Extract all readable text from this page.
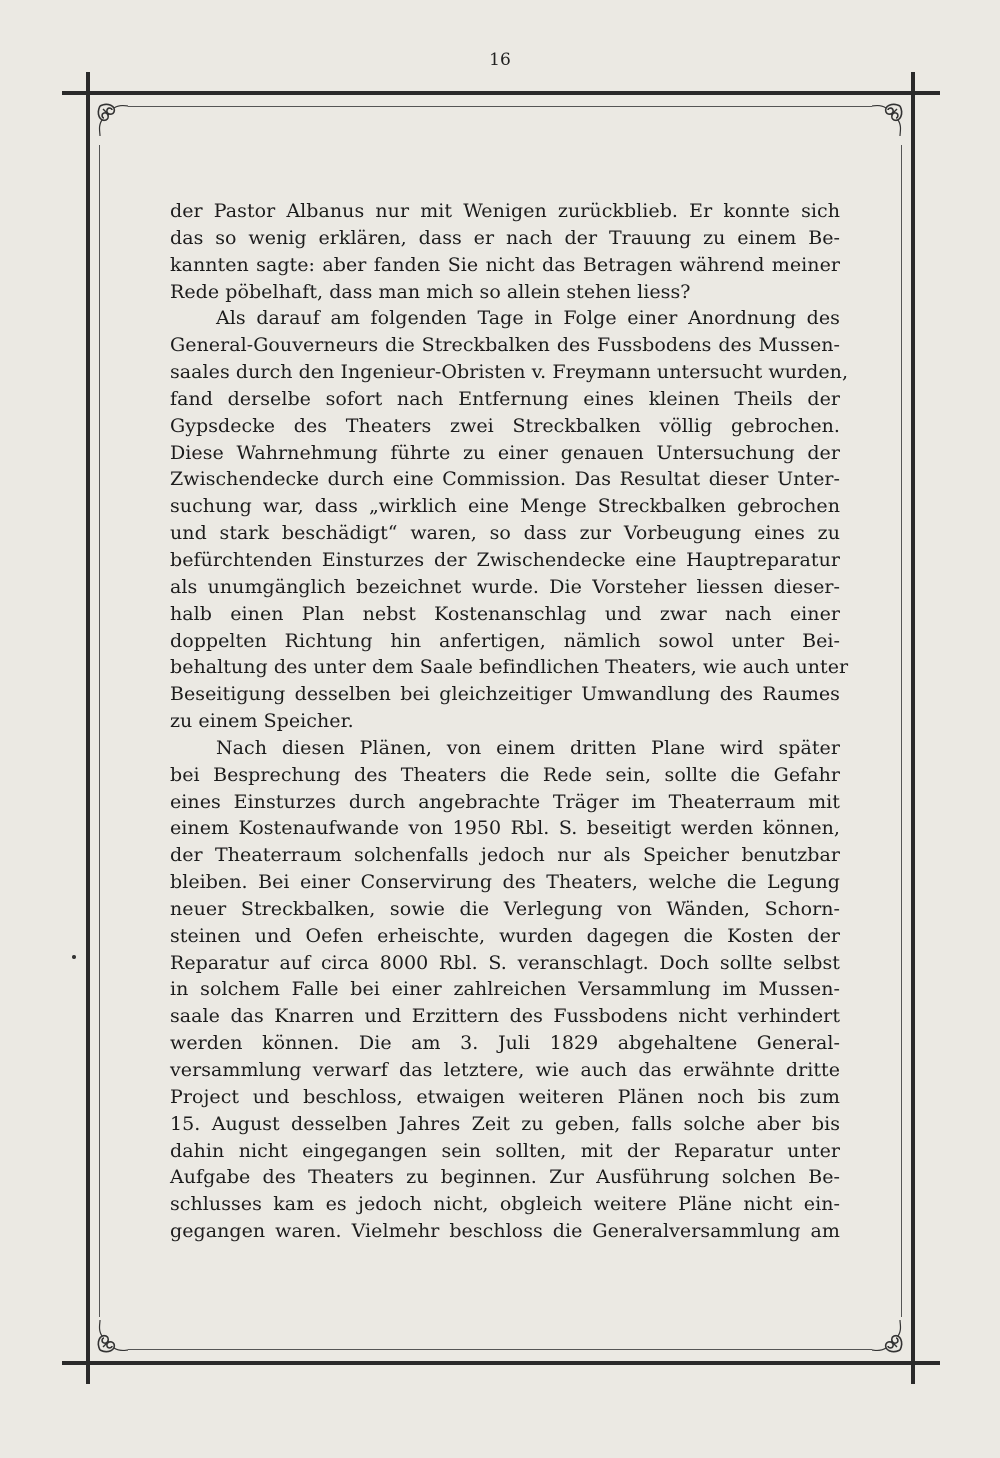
16
der Pastor Albanus nur mit Wenigen zurückblieb. Er konnte sich
das so wenig erklären, dass er nach der Trauung zu einem Be-
kannten sagte: aber fanden Sie nicht das Betragen während meiner
Rede pöbelhaft, dass man mich so allein stehen liess?
Als darauf am folgenden Tage in Folge einer Anordnung des
General-Gouverneurs die Streckbalken des Fussbodens des Mussen-
saales durch den Ingenieur-Obristen v. Freymann untersucht wurden,
fand derselbe sofort nach Entfernung eines kleinen Theils der
Gypsdecke des Theaters zwei Streckbalken völlig gebrochen.
Diese Wahrnehmung führte zu einer genauen Untersuchung der
Zwischendecke durch eine Commission. Das Resultat dieser Unter-
suchung war, dass „wirklich eine Menge Streckbalken gebrochen
und stark beschädigt“ waren, so dass zur Vorbeugung eines zu
befürchtenden Einsturzes der Zwischendecke eine Hauptreparatur
als unumgänglich bezeichnet wurde. Die Vorsteher liessen dieser-
halb einen Plan nebst Kostenanschlag und zwar nach einer
doppelten Richtung hin anfertigen, nämlich sowol unter Bei-
behaltung des unter dem Saale befindlichen Theaters, wie auch unter
Beseitigung desselben bei gleichzeitiger Umwandlung des Raumes
zu einem Speicher.
Nach diesen Plänen, von einem dritten Plane wird später
bei Besprechung des Theaters die Rede sein, sollte die Gefahr
eines Einsturzes durch angebrachte Träger im Theaterraum mit
einem Kostenaufwande von 1950 Rbl. S. beseitigt werden können,
der Theaterraum solchenfalls jedoch nur als Speicher benutzbar
bleiben. Bei einer Conservirung des Theaters, welche die Legung
neuer Streckbalken, sowie die Verlegung von Wänden, Schorn-
steinen und Oefen erheischte, wurden dagegen die Kosten der
Reparatur auf circa 8000 Rbl. S. veranschlagt. Doch sollte selbst
in solchem Falle bei einer zahlreichen Versammlung im Mussen-
saale das Knarren und Erzittern des Fussbodens nicht verhindert
werden können. Die am 3. Juli 1829 abgehaltene General-
versammlung verwarf das letztere, wie auch das erwähnte dritte
Project und beschloss, etwaigen weiteren Plänen noch bis zum
15. August desselben Jahres Zeit zu geben, falls solche aber bis
dahin nicht eingegangen sein sollten, mit der Reparatur unter
Aufgabe des Theaters zu beginnen. Zur Ausführung solchen Be-
schlusses kam es jedoch nicht, obgleich weitere Pläne nicht ein-
gegangen waren. Vielmehr beschloss die Generalversammlung am
